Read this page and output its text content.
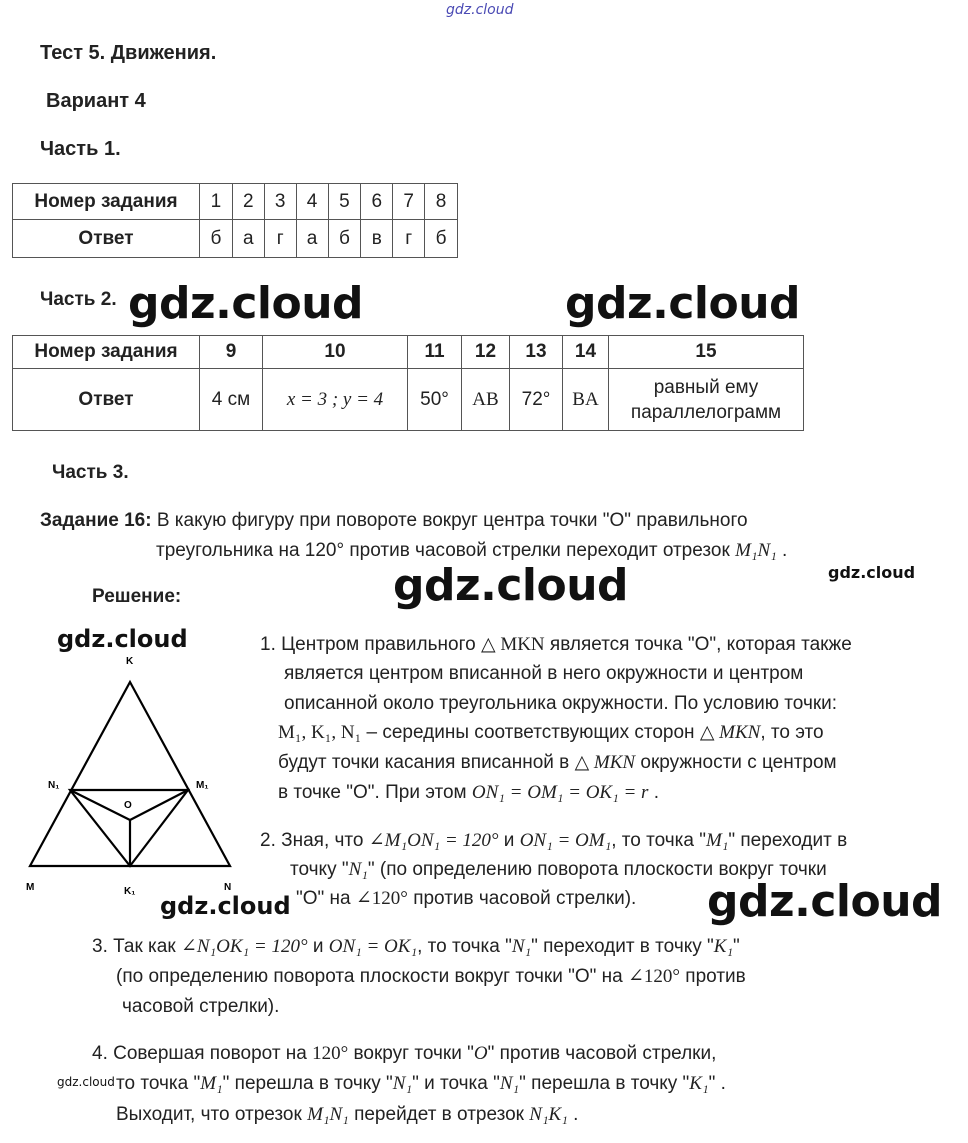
gdz.cloud
Тест 5. Движения.
Вариант 4
Часть 1.
Номер задания	1	2	3	4	5	6	7	8
Ответ	б	а	г	а	б	в	г	б
Часть 2. gdz.cloud	gdz.cloud
Номер задания	9	10	11	12	13	14	15
Ответ	4 см	x = 3 ; y = 4	50°	AB	72°	BA	равный ему
параллелограмм
Часть 3.
Задание 16: В какую фигуру при повороте вокруг центра точки "O" правильного
треугольника на 120° против часовой стрелки переходит отрезок M₁N₁ .
gdz.cloud
gdz.cloud
Решение:
gdz.cloud
K
M	N
N₁	M₁
K₁
O
gdz.cloud
1. Центром правильного △ MKN является точка "O", которая также
является центром вписанной в него окружности и центром
описанной около треугольника окружности. По условию точки:
M₁, K₁, N₁ – середины соответствующих сторон △ MKN, то это
будут точки касания вписанной в △ MKN окружности с центром
в точке "O". При этом ON₁ = OM₁ = OK₁ = r .
2. Зная, что ∠M₁ON₁ = 120° и ON₁ = OM₁, то точка "M₁" переходит в
точку "N₁" (по определению поворота плоскости вокруг точки
"O" на ∠120° против часовой стрелки). gdz.cloud
3. Так как ∠N₁OK₁ = 120° и ON₁ = OK₁, то точка "N₁" переходит в точку "K₁"
(по определению поворота плоскости вокруг точки "O" на ∠120° против
часовой стрелки).
4. Совершая поворот на 120° вокруг точки "O" против часовой стрелки,
gdz.cloud то точка "M₁" перешла в точку "N₁" и точка "N₁" перешла в точку "K₁" .
Выходит, что отрезок M₁N₁ перейдет в отрезок N₁K₁ .
